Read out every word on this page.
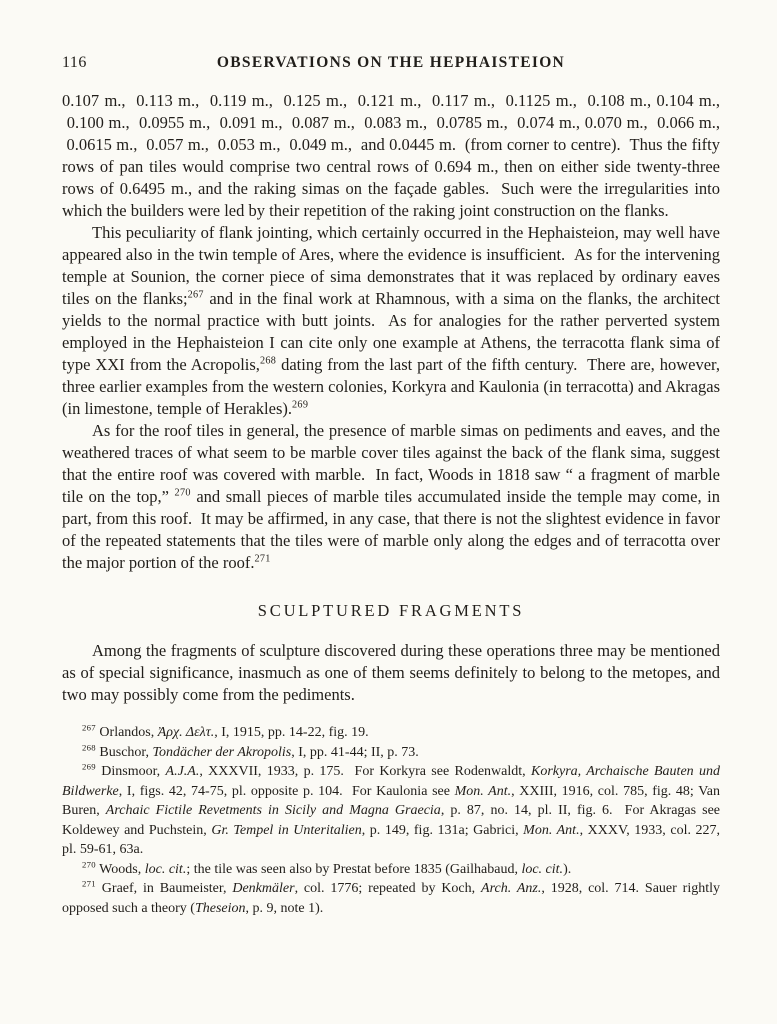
116	OBSERVATIONS ON THE HEPHAISTEION

0.107 m.,  0.113 m.,  0.119 m.,  0.125 m.,  0.121 m.,  0.117 m.,  0.1125 m.,  0.108 m., 0.104 m.,  0.100 m.,  0.0955 m.,  0.091 m.,  0.087 m.,  0.083 m.,  0.0785 m.,  0.074 m., 0.070 m.,  0.066 m.,  0.0615 m.,  0.057 m.,  0.053 m.,  0.049 m.,  and 0.0445 m.  (from corner to centre).  Thus the fifty rows of pan tiles would comprise two central rows of 0.694 m., then on either side twenty-three rows of 0.6495 m., and the raking simas on the façade gables.  Such were the irregularities into which the builders were led by their repetition of the raking joint construction on the flanks.

This peculiarity of flank jointing, which certainly occurred in the Hephaisteion, may well have appeared also in the twin temple of Ares, where the evidence is insufficient.  As for the intervening temple at Sounion, the corner piece of sima demonstrates that it was replaced by ordinary eaves tiles on the flanks;$^{267}$ and in the final work at Rhamnous, with a sima on the flanks, the architect yields to the normal practice with butt joints.  As for analogies for the rather perverted system employed in the Hephaisteion I can cite only one example at Athens, the terracotta flank sima of type XXI from the Acropolis,$^{268}$ dating from the last part of the fifth century.  There are, however, three earlier examples from the western colonies, Korkyra and Kaulonia (in terracotta) and Akragas (in limestone, temple of Herakles).$^{269}$

As for the roof tiles in general, the presence of marble simas on pediments and eaves, and the weathered traces of what seem to be marble cover tiles against the back of the flank sima, suggest that the entire roof was covered with marble.  In fact, Woods in 1818 saw “ a fragment of marble tile on the top,” $^{270}$ and small pieces of marble tiles accumulated inside the temple may come, in part, from this roof.  It may be affirmed, in any case, that there is not the slightest evidence in favor of the repeated statements that the tiles were of marble only along the edges and of terracotta over the major portion of the roof.$^{271}$

SCULPTURED FRAGMENTS

Among the fragments of sculpture discovered during these operations three may be mentioned as of special significance, inasmuch as one of them seems definitely to belong to the metopes, and two may possibly come from the pediments.

$^{267}$ Orlandos, Ἀρχ. Δελτ., I, 1915, pp. 14-22, fig. 19.

$^{268}$ Buschor, Tondächer der Akropolis, I, pp. 41-44; II, p. 73.

$^{269}$ Dinsmoor, A.J.A., XXXVII, 1933, p. 175.  For Korkyra see Rodenwaldt, Korkyra, Archaische Bauten und Bildwerke, I, figs. 42, 74-75, pl. opposite p. 104.  For Kaulonia see Mon. Ant., XXIII, 1916, col. 785, fig. 48; Van Buren, Archaic Fictile Revetments in Sicily and Magna Graecia, p. 87, no. 14, pl. II, fig. 6.  For Akragas see Koldewey and Puchstein, Gr. Tempel in Unteritalien, p. 149, fig. 131a; Gabrici, Mon. Ant., XXXV, 1933, col. 227, pl. 59-61, 63a.

$^{270}$ Woods, loc. cit.; the tile was seen also by Prestat before 1835 (Gailhabaud, loc. cit.).

$^{271}$ Graef, in Baumeister, Denkmäler, col. 1776; repeated by Koch, Arch. Anz., 1928, col. 714. Sauer rightly opposed such a theory (Theseion, p. 9, note 1).
